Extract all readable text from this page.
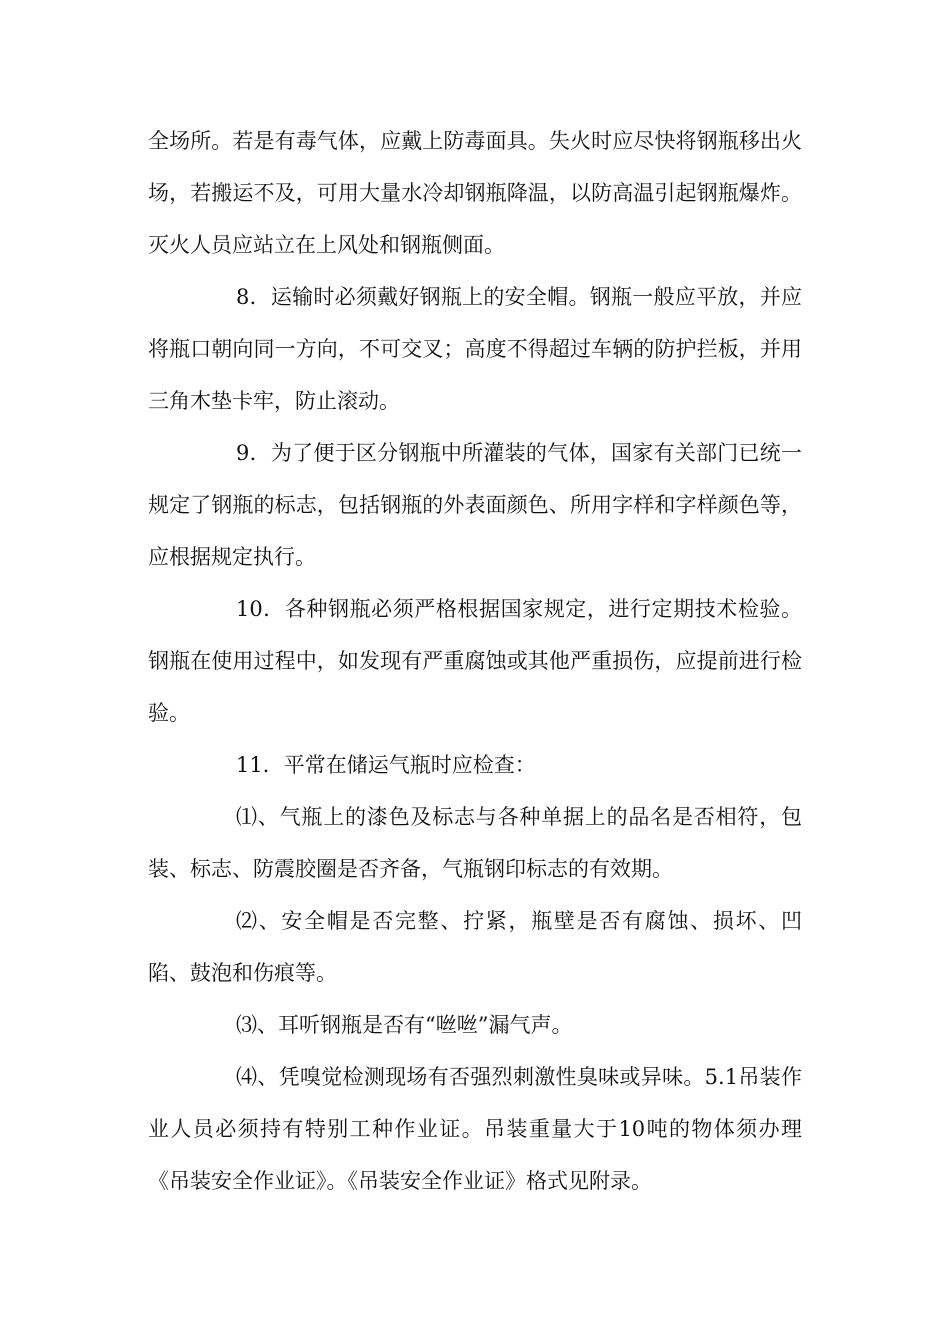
全场所。若是有毒气体，应戴上防毒面具。失火时应尽快将钢瓶移出火场，若搬运不及，可用大量水冷却钢瓶降温，以防高温引起钢瓶爆炸。灭火人员应站立在上风处和钢瓶侧面。

8．运输时必须戴好钢瓶上的安全帽。钢瓶一般应平放，并应将瓶口朝向同一方向，不可交叉；高度不得超过车辆的防护拦板，并用三角木垫卡牢，防止滚动。

9．为了便于区分钢瓶中所灌装的气体，国家有关部门已统一规定了钢瓶的标志，包括钢瓶的外表面颜色、所用字样和字样颜色等，应根据规定执行。

10．各种钢瓶必须严格根据国家规定，进行定期技术检验。钢瓶在使用过程中，如发现有严重腐蚀或其他严重损伤，应提前进行检验。

11．平常在储运气瓶时应检查：

⑴、气瓶上的漆色及标志与各种单据上的品名是否相符，包装、标志、防震胶圈是否齐备，气瓶钢印标志的有效期。

⑵、安全帽是否完整、拧紧，瓶壁是否有腐蚀、损坏、凹陷、鼓泡和伤痕等。

⑶、耳听钢瓶是否有“咝咝”漏气声。

⑷、凭嗅觉检测现场有否强烈刺激性臭味或异味。5.1吊装作业人员必须持有特别工种作业证。吊装重量大于10吨的物体须办理《吊装安全作业证》。《吊装安全作业证》格式见附录。
